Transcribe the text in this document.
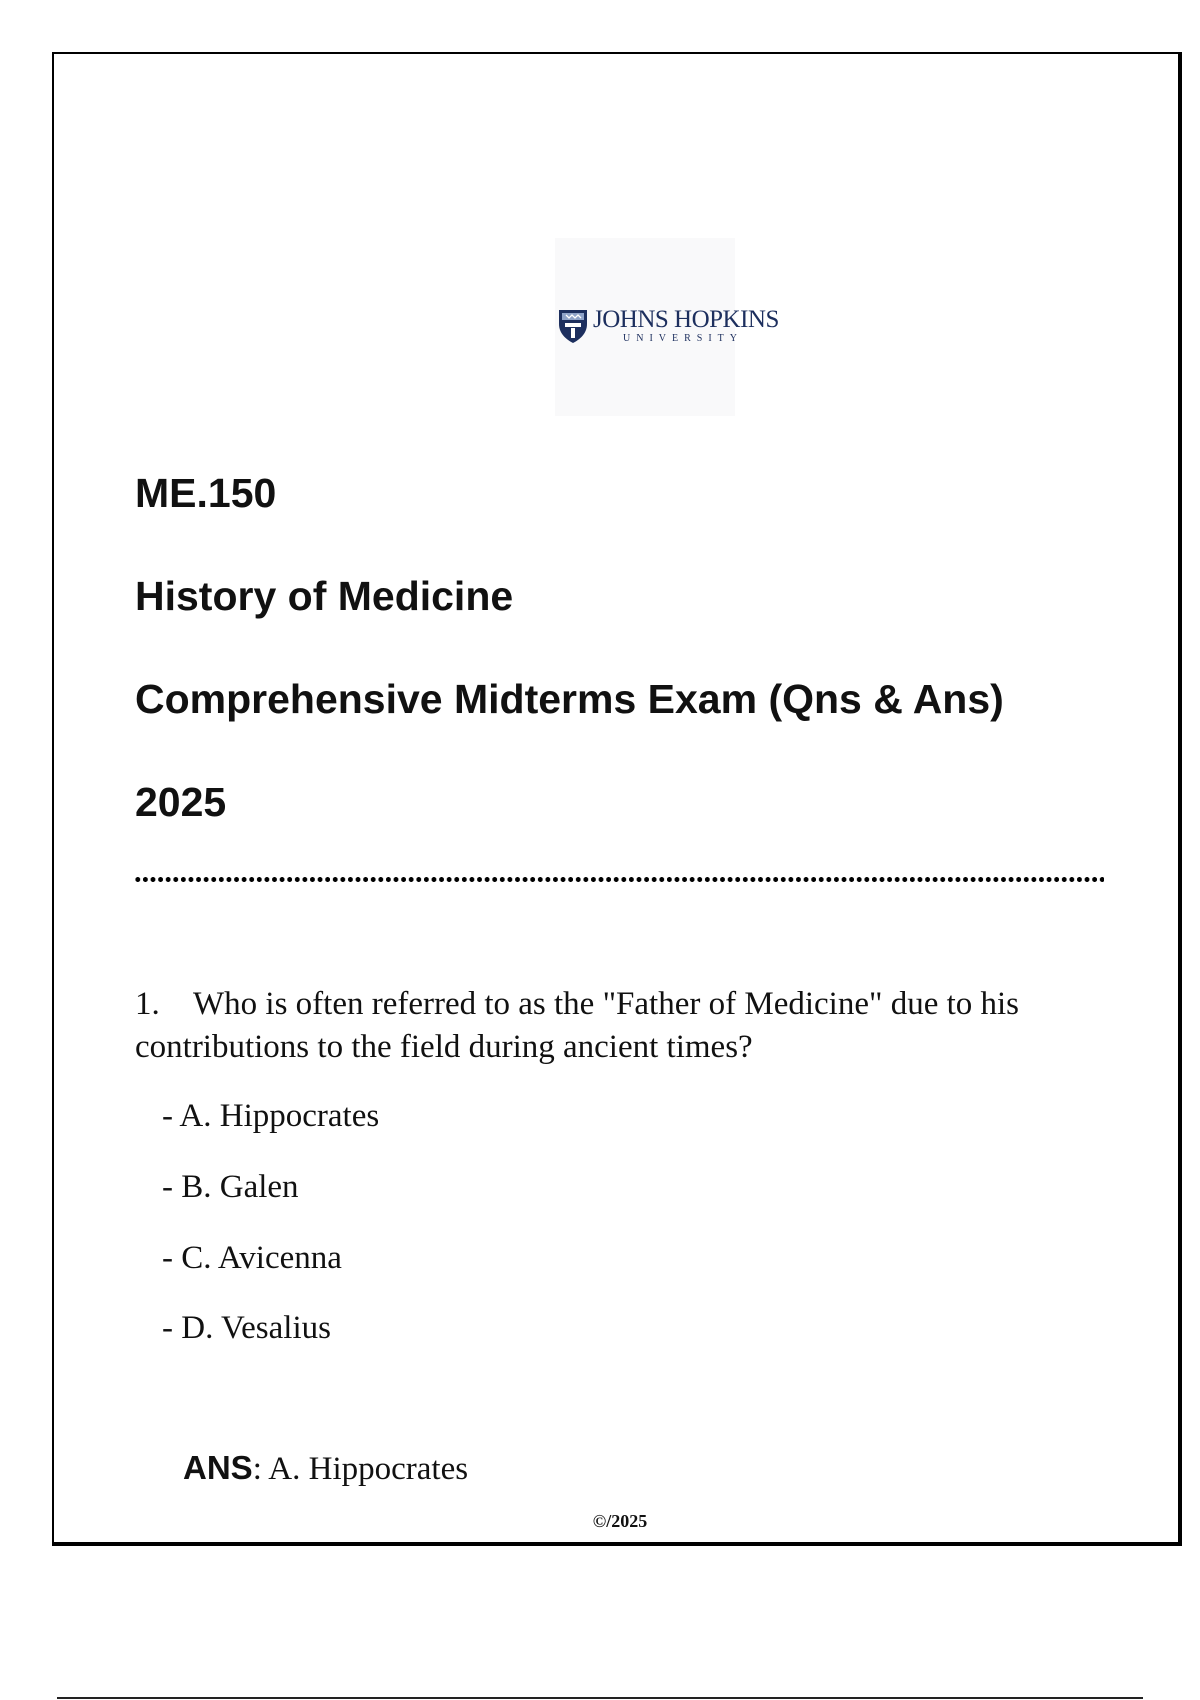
JOHNS HOPKINS
UNIVERSITY
ME.150
History of Medicine
Comprehensive Midterms Exam (Qns & Ans)
2025
1. Who is often referred to as the "Father of Medicine" due to his contributions to the field during ancient times?
- A. Hippocrates
- B. Galen
- C. Avicenna
- D. Vesalius
ANS: A. Hippocrates
©/2025
